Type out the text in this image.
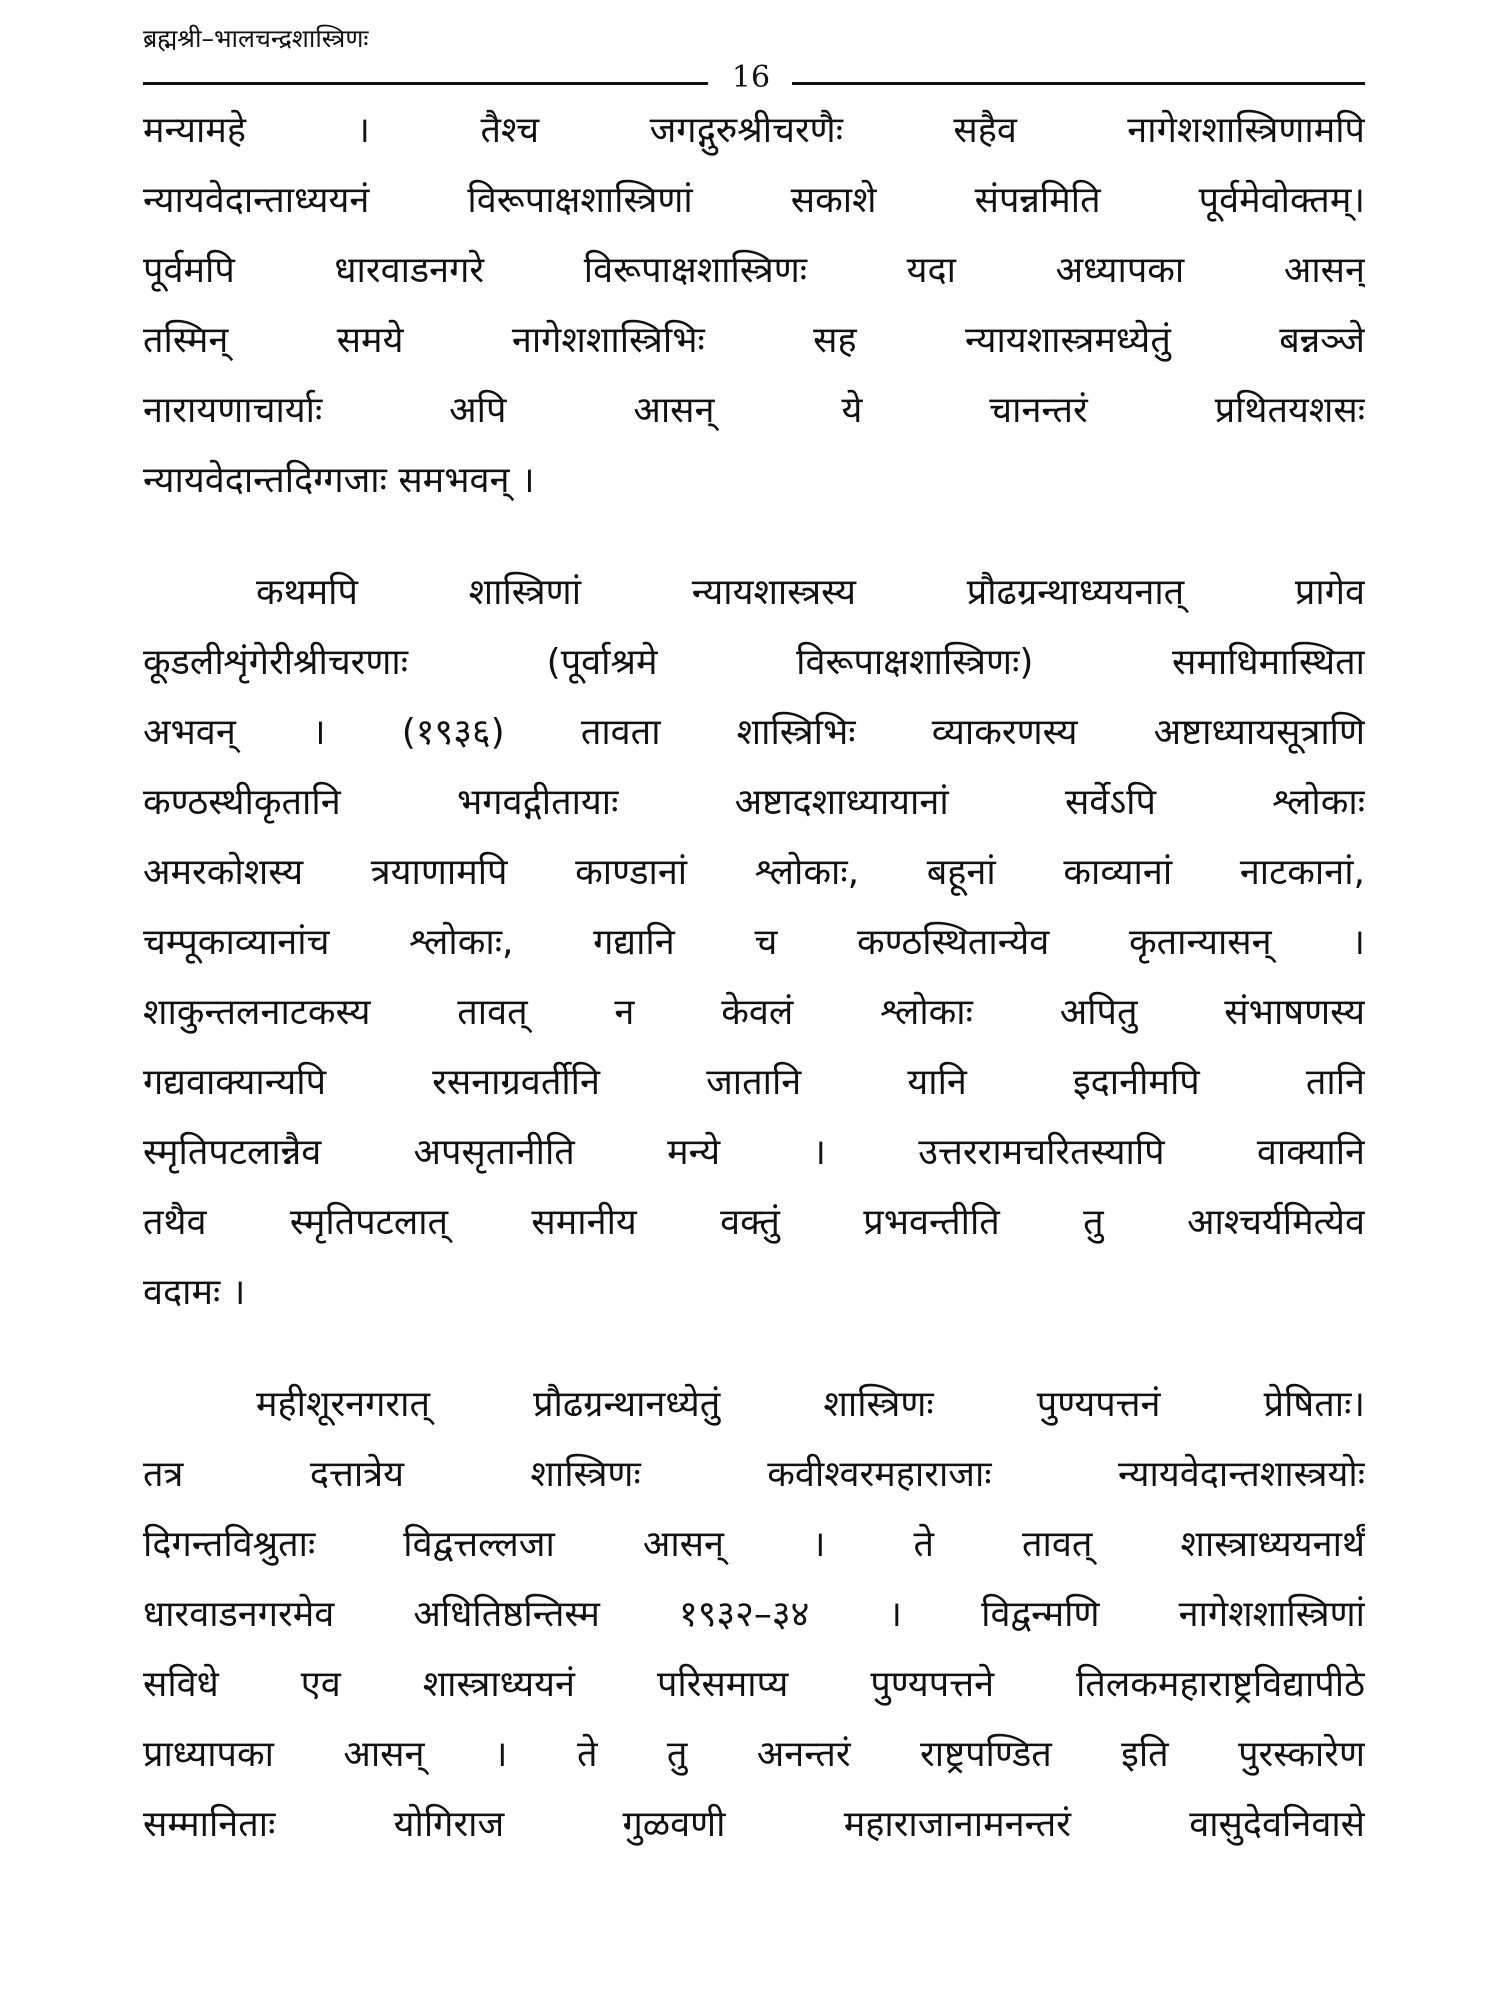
ब्रह्मश्री–भालचन्द्रशास्त्रिणः
16
मन्यामहे । तैश्च जगद्गुरुश्रीचरणैः सहैव नागेशशास्त्रिणामपि
न्यायवेदान्ताध्ययनं विरूपाक्षशास्त्रिणां सकाशे संपन्नमिति पूर्वमेवोक्तम्।
पूर्वमपि धारवाडनगरे विरूपाक्षशास्त्रिणः यदा अध्यापका आसन्
तस्मिन् समये नागेशशास्त्रिभिः सह न्यायशास्त्रमध्येतुं बन्नञ्जे
नारायणाचार्याः अपि आसन् ये चानन्तरं प्रथितयशसः
न्यायवेदान्तदिग्गजाः समभवन् ।
कथमपि शास्त्रिणां न्यायशास्त्रस्य प्रौढग्रन्थाध्ययनात् प्रागेव
कूडलीशृंगेरीश्रीचरणाः (पूर्वाश्रमे विरूपाक्षशास्त्रिणः) समाधिमास्थिता
अभवन् । (१९३६) तावता शास्त्रिभिः व्याकरणस्य अष्टाध्यायसूत्राणि
कण्ठस्थीकृतानि भगवद्गीतायाः अष्टादशाध्यायानां सर्वेऽपि श्लोकाः
अमरकोशस्य त्रयाणामपि काण्डानां श्लोकाः, बहूनां काव्यानां नाटकानां,
चम्पूकाव्यानांच श्लोकाः, गद्यानि च कण्ठस्थितान्येव कृतान्यासन् ।
शाकुन्तलनाटकस्य तावत् न केवलं श्लोकाः अपितु संभाषणस्य
गद्यवाक्यान्यपि रसनाग्रवर्तीनि जातानि यानि इदानीमपि तानि
स्मृतिपटलान्नैव अपसृतानीति मन्ये । उत्तररामचरितस्यापि वाक्यानि
तथैव स्मृतिपटलात् समानीय वक्तुं प्रभवन्तीति तु आश्चर्यमित्येव
वदामः ।
महीशूरनगरात् प्रौढग्रन्थानध्येतुं शास्त्रिणः पुण्यपत्तनं प्रेषिताः।
तत्र दत्तात्रेय शास्त्रिणः कवीश्वरमहाराजाः न्यायवेदान्तशास्त्रयोः
दिगन्तविश्रुताः विद्वत्तल्लजा आसन् । ते तावत् शास्त्राध्ययनार्थं
धारवाडनगरमेव अधितिष्ठन्तिस्म १९३२–३४ । विद्वन्मणि नागेशशास्त्रिणां
सविधे एव शास्त्राध्ययनं परिसमाप्य पुण्यपत्तने तिलकमहाराष्ट्रविद्यापीठे
प्राध्यापका आसन् । ते तु अनन्तरं राष्ट्रपण्डित इति पुरस्कारेण
सम्मानिताः योगिराज गुळवणी महाराजानामनन्तरं वासुदेवनिवासे
